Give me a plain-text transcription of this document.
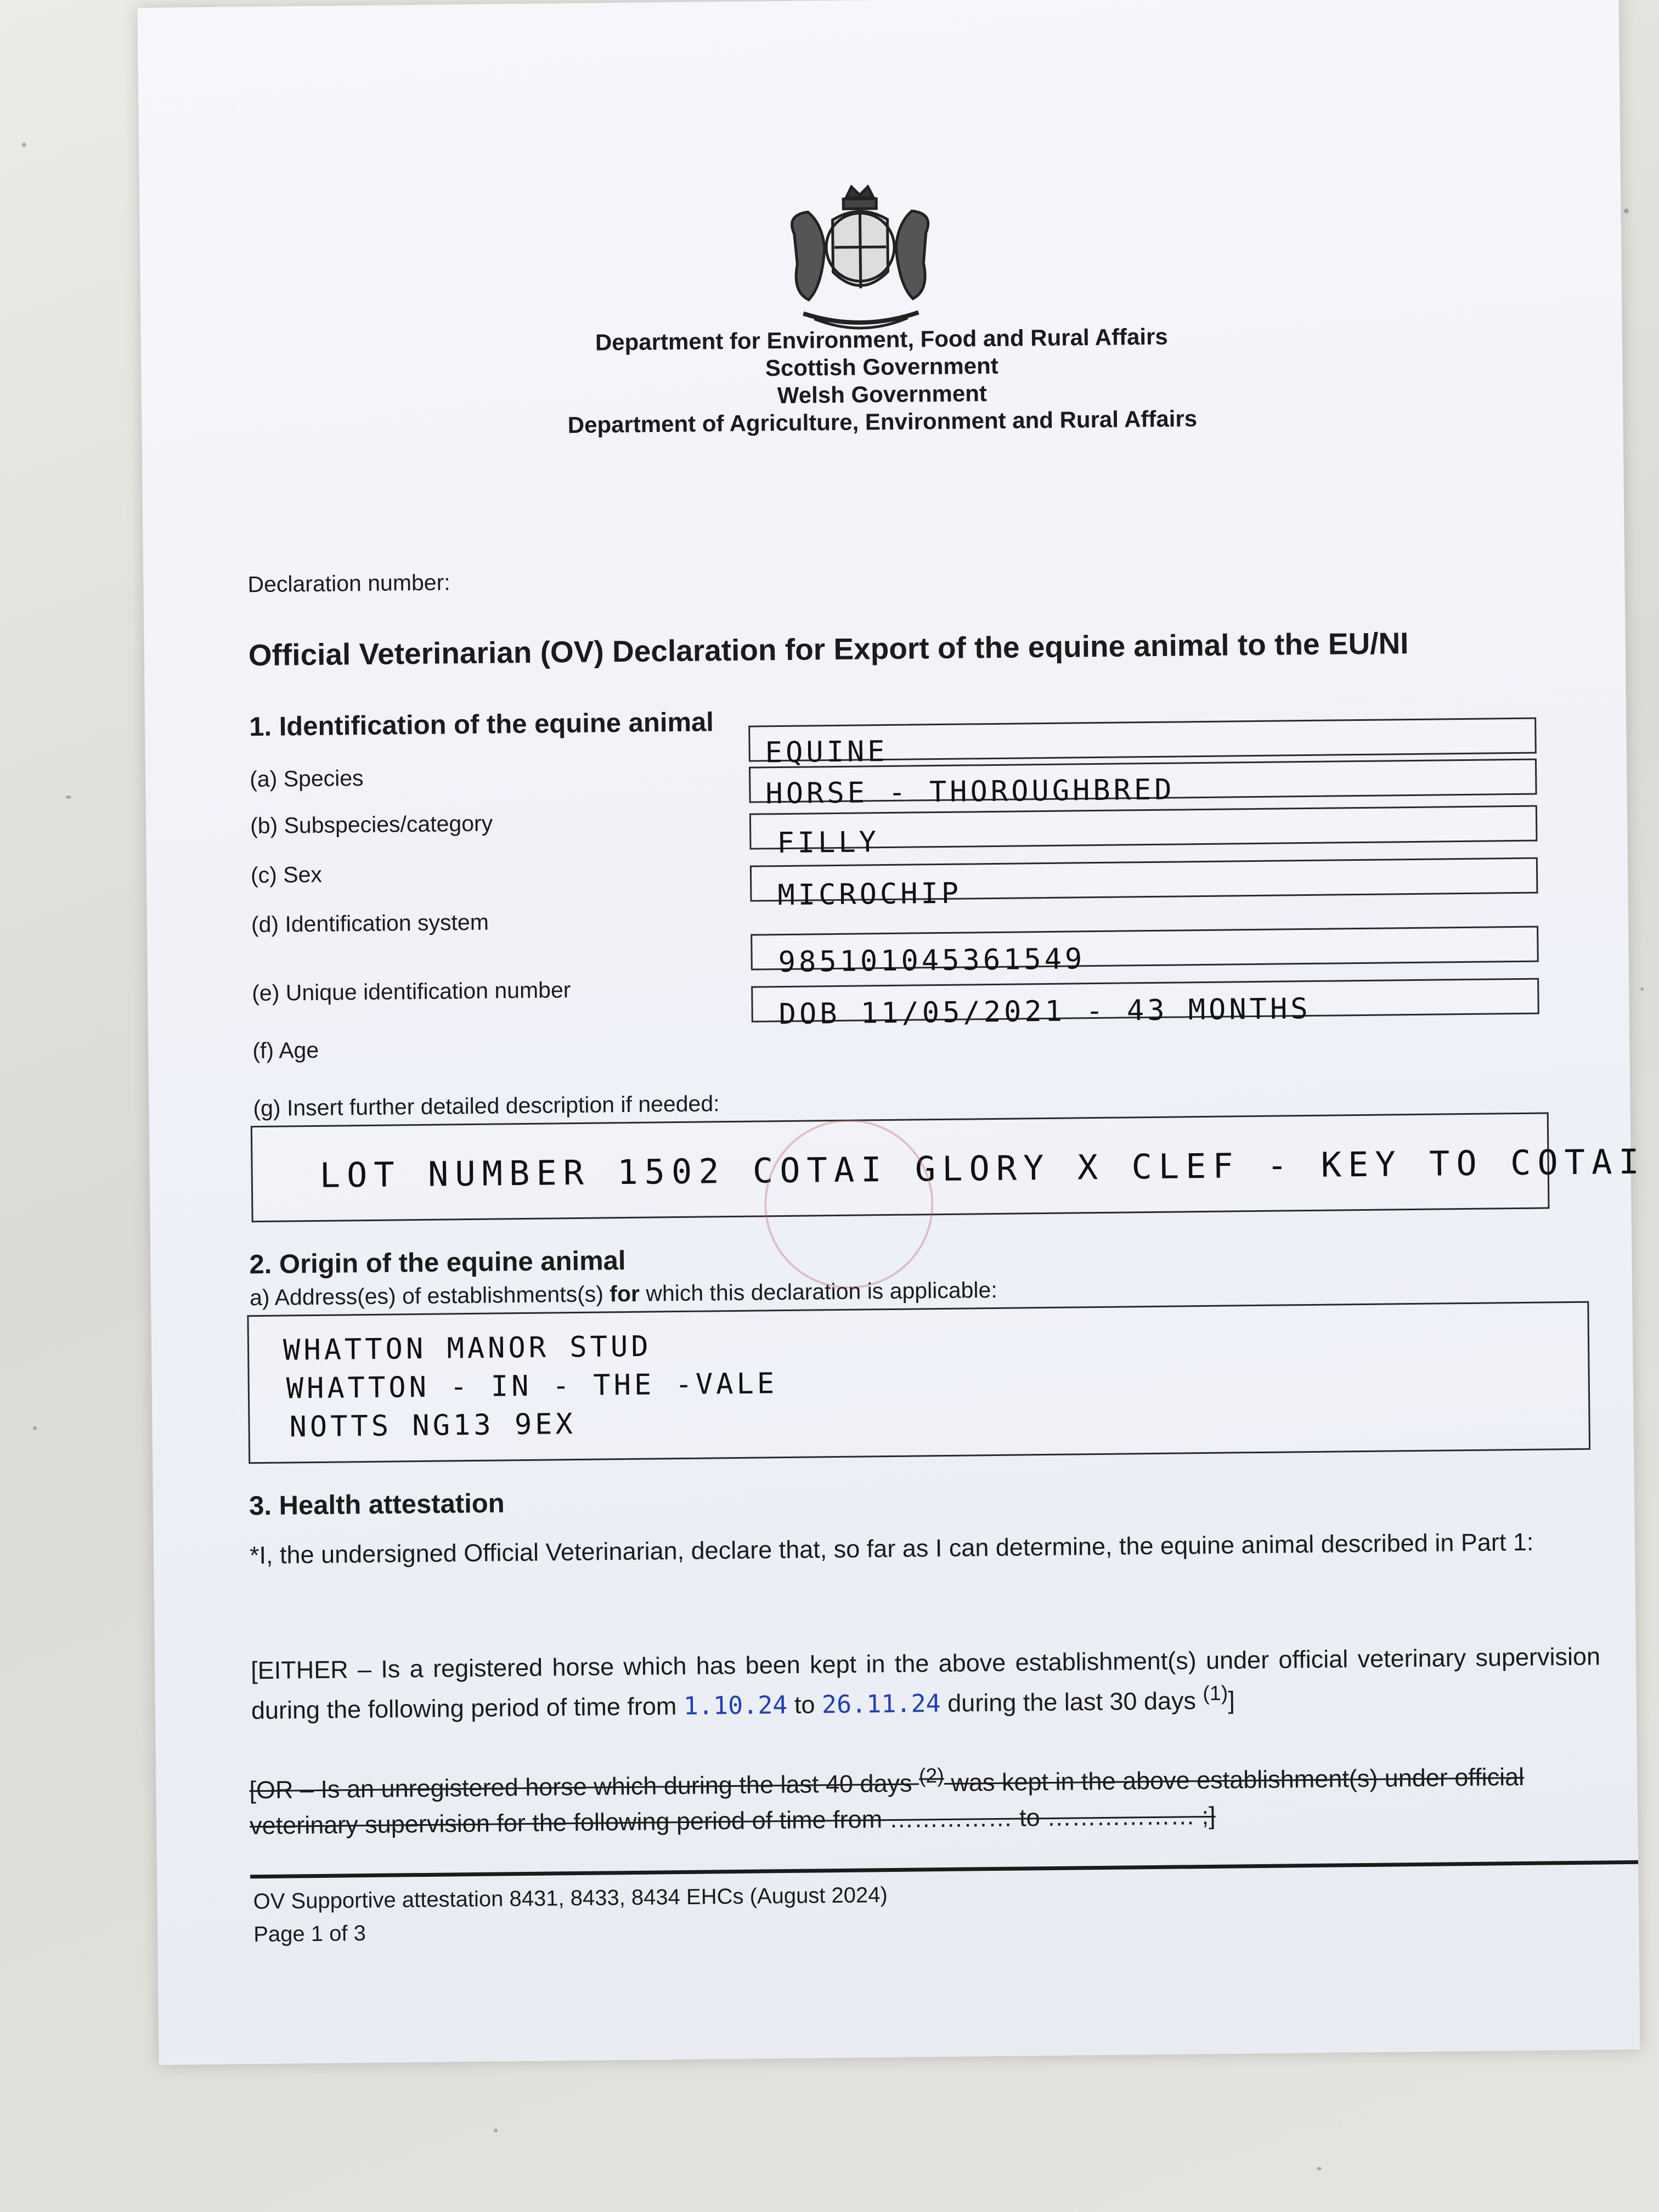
Department for Environment, Food and Rural Affairs
Scottish Government
Welsh Government
Department of Agriculture, Environment and Rural Affairs
Declaration number:
Official Veterinarian (OV) Declaration for Export of the equine animal to the EU/NI
1. Identification of the equine animal
(a) Species
EQUINE
(b) Subspecies/category
HORSE - THOROUGHBRED
(c) Sex
FILLY
(d) Identification system
MICROCHIP
(e) Unique identification number
985101045361549
(f) Age
DOB 11/05/2021 - 43 MONTHS
(g) Insert further detailed description if needed:
LOT NUMBER 1502 COTAI GLORY X CLEF - KEY TO COTAI
2. Origin of the equine animal
a) Address(es) of establishments(s) for which this declaration is applicable:
WHATTON MANOR STUD
WHATTON - IN - THE -VALE
NOTTS NG13 9EX
3. Health attestation
*I, the undersigned Official Veterinarian, declare that, so far as I can determine, the equine animal described in Part 1:
[EITHER – Is a registered horse which has been kept in the above establishment(s) under official veterinary supervision during the following period of time from 1.10.24 to 26.11.24 during the last 30 days $^{(1)}$]
[OR – Is an unregistered horse which during the last 40 days $^{(2)}$ was kept in the above establishment(s) under official veterinary supervision for the following period of time from …………… to ……………… ;]
OV Supportive attestation 8431, 8433, 8434 EHCs (August 2024)
Page 1 of 3
